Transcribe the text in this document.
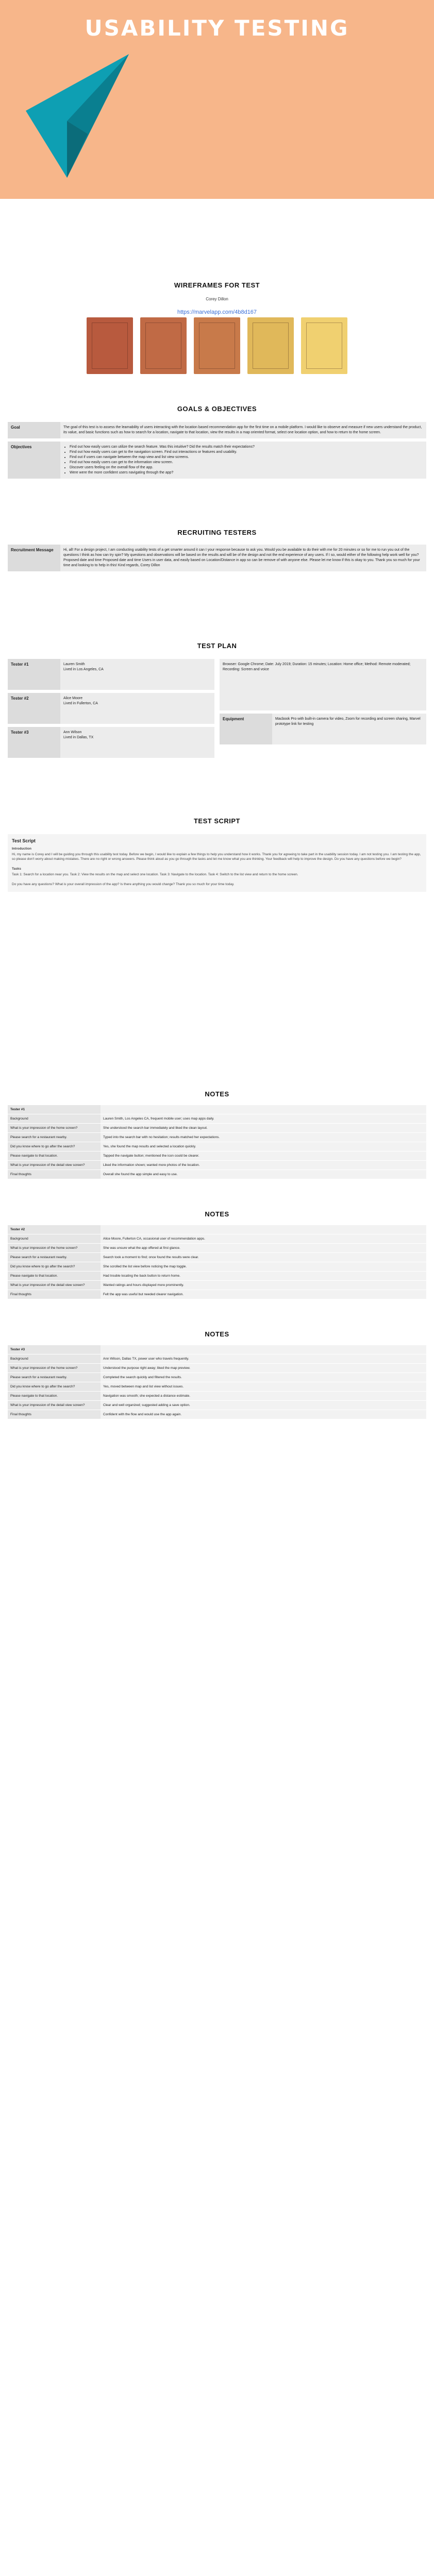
USABILITY TESTING
WIREFRAMES FOR TEST
Corey Dillon
https://marvelapp.com/4b8d167
GOALS & OBJECTIVES
Goal	The goal of this test is to assess the learnability of users interacting with the location based recommendation app for the first time on a mobile platform. I would like to observe and measure if new users understand the product, its value, and basic functions such as how to search for a location, navigate to that location, view the results in a map oriented format, select one location option, and how to return to the home screen.
Objectives	• Find out how easily users can utilize the search feature. Was this intuitive? Did the results match their expectations?
• Find out how easily users can get to the navigation screen. Find out interactions or features and usability.
• Find out if users can navigate between the map view and list view screens.
• Find out how easily users can get to the information view screen.
• Discover users feeling on the overall flow of the app.
• Were were the more confident users navigating through the app?
RECRUITING TESTERS
Recruitment Message	Hi, all! For a design project, I am conducting usability tests of a get smarter around it can I your response because to ask you. Would you be available to do their with me for 20 minutes or so for me to run you out of the questions I think as how can try spin? My questions and observations will be based on the results and will be of the design and not the end experience of any users. If I so, would either of the following help work well for you? Proposed date and time Proposed date and time Users in user data, and easily based on Location/Distance in app so can be remove of with anyone else. Please let me know if this is okay to you. Thank you so much for your time and looking to to help in this! Kind regards, Corey Dillon
TEST PLAN
Tester #1	Lauren Smith
Lived in Los Angeles, CA
Tester #2	Alice Moore
Lived in Fullerton, CA
Tester #3	Ann Wilson
Lived in Dallas, TX
Browser: Google Chrome; Date: July 2019; Duration: 15 minutes; Location: Home office; Method: Remote moderated; Recording: Screen and voice
Equipment	Macbook Pro with built-in camera for video, Zoom for recording and screen sharing, Marvel prototype link for testing
TEST SCRIPT
Test Script
Introduction

Hi, my name is Corey and I will be guiding you through this usability test today. Before we begin, I would like to explain a few things to help you understand how it works. Thank you for agreeing to take part in the usability session today. I am not testing you. I am testing the app, so please don't worry about making mistakes. There are no right or wrong answers. Please think aloud as you go through the tasks and let me know what you are thinking. Your feedback will help to improve the design. Do you have any questions before we begin?

Tasks

Task 1: Search for a location near you. Task 2: View the results on the map and select one location. Task 3: Navigate to the location. Task 4: Switch to the list view and return to the home screen.

Do you have any questions? What is your overall impression of the app? Is there anything you would change? Thank you so much for your time today.

NOTES
Tester #1	
Background	Lauren Smith, Los Angeles CA, frequent mobile user; uses map apps daily.
What is your impression of the home screen?	She understood the search bar immediately and liked the clean layout.
Please search for a restaurant nearby.	Typed into the search bar with no hesitation; results matched her expectations.
Did you know where to go after the search?	Yes, she found the map results and selected a location quickly.
Please navigate to that location.	Tapped the navigate button; mentioned the icon could be clearer.
What is your impression of the detail view screen?	Liked the information shown; wanted more photos of the location.
Final thoughts	Overall she found the app simple and easy to use.
NOTES
Tester #2	
Background	Alice Moore, Fullerton CA, occasional user of recommendation apps.
What is your impression of the home screen?	She was unsure what the app offered at first glance.
Please search for a restaurant nearby.	Search took a moment to find; once found the results were clear.
Did you know where to go after the search?	She scrolled the list view before noticing the map toggle.
Please navigate to that location.	Had trouble locating the back button to return home.
What is your impression of the detail view screen?	Wanted ratings and hours displayed more prominently.
Final thoughts	Felt the app was useful but needed clearer navigation.
NOTES
Tester #3	
Background	Ann Wilson, Dallas TX, power user who travels frequently.
What is your impression of the home screen?	Understood the purpose right away; liked the map preview.
Please search for a restaurant nearby.	Completed the search quickly and filtered the results.
Did you know where to go after the search?	Yes, moved between map and list view without issues.
Please navigate to that location.	Navigation was smooth; she expected a distance estimate.
What is your impression of the detail view screen?	Clear and well organized; suggested adding a save option.
Final thoughts	Confident with the flow and would use the app again.
